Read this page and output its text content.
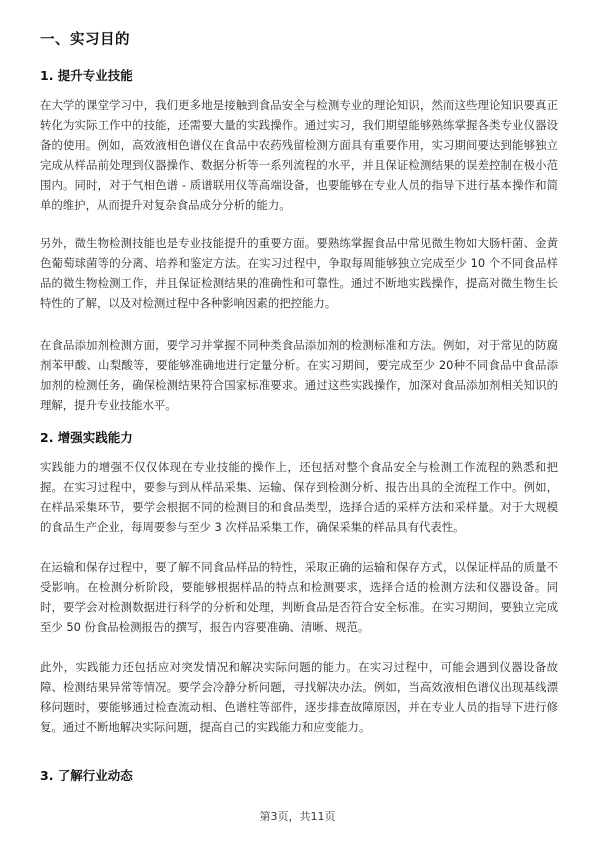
一、实习目的
1. 提升专业技能

在大学的课堂学习中，我们更多地是接触到食品安全与检测专业的理论知识，然而这些理论知识要真正转化为实际工作中的技能，还需要大量的实践操作。通过实习，我们期望能够熟练掌握各类专业仪器设备的使用。例如，高效液相色谱仪在食品中农药残留检测方面具有重要作用，实习期间要达到能够独立完成从样品前处理到仪器操作、数据分析等一系列流程的水平，并且保证检测结果的误差控制在极小范围内。同时，对于气相色谱 - 质谱联用仪等高端设备，也要能够在专业人员的指导下进行基本操作和简单的维护，从而提升对复杂食品成分分析的能力。

另外，微生物检测技能也是专业技能提升的重要方面。要熟练掌握食品中常见微生物如大肠杆菌、金黄色葡萄球菌等的分离、培养和鉴定方法。在实习过程中，争取每周能够独立完成至少 10 个不同食品样品的微生物检测工作，并且保证检测结果的准确性和可靠性。通过不断地实践操作，提高对微生物生长特性的了解，以及对检测过程中各种影响因素的把控能力。

在食品添加剂检测方面，要学习并掌握不同种类食品添加剂的检测标准和方法。例如，对于常见的防腐剂苯甲酸、山梨酸等，要能够准确地进行定量分析。在实习期间，要完成至少 20种不同食品中食品添加剂的检测任务，确保检测结果符合国家标准要求。通过这些实践操作，加深对食品添加剂相关知识的理解，提升专业技能水平。

2. 增强实践能力

实践能力的增强不仅仅体现在专业技能的操作上，还包括对整个食品安全与检测工作流程的熟悉和把握。在实习过程中，要参与到从样品采集、运输、保存到检测分析、报告出具的全流程工作中。例如，在样品采集环节，要学会根据不同的检测目的和食品类型，选择合适的采样方法和采样量。对于大规模的食品生产企业，每周要参与至少 3 次样品采集工作，确保采集的样品具有代表性。

在运输和保存过程中，要了解不同食品样品的特性，采取正确的运输和保存方式，以保证样品的质量不受影响。在检测分析阶段，要能够根据样品的特点和检测要求，选择合适的检测方法和仪器设备。同时，要学会对检测数据进行科学的分析和处理，判断食品是否符合安全标准。在实习期间，要独立完成至少 50 份食品检测报告的撰写，报告内容要准确、清晰、规范。

此外，实践能力还包括应对突发情况和解决实际问题的能力。在实习过程中，可能会遇到仪器设备故障、检测结果异常等情况。要学会冷静分析问题，寻找解决办法。例如，当高效液相色谱仪出现基线漂移问题时，要能够通过检查流动相、色谱柱等部件，逐步排查故障原因，并在专业人员的指导下进行修复。通过不断地解决实际问题，提高自己的实践能力和应变能力。

3. 了解行业动态
第3页，共11页
